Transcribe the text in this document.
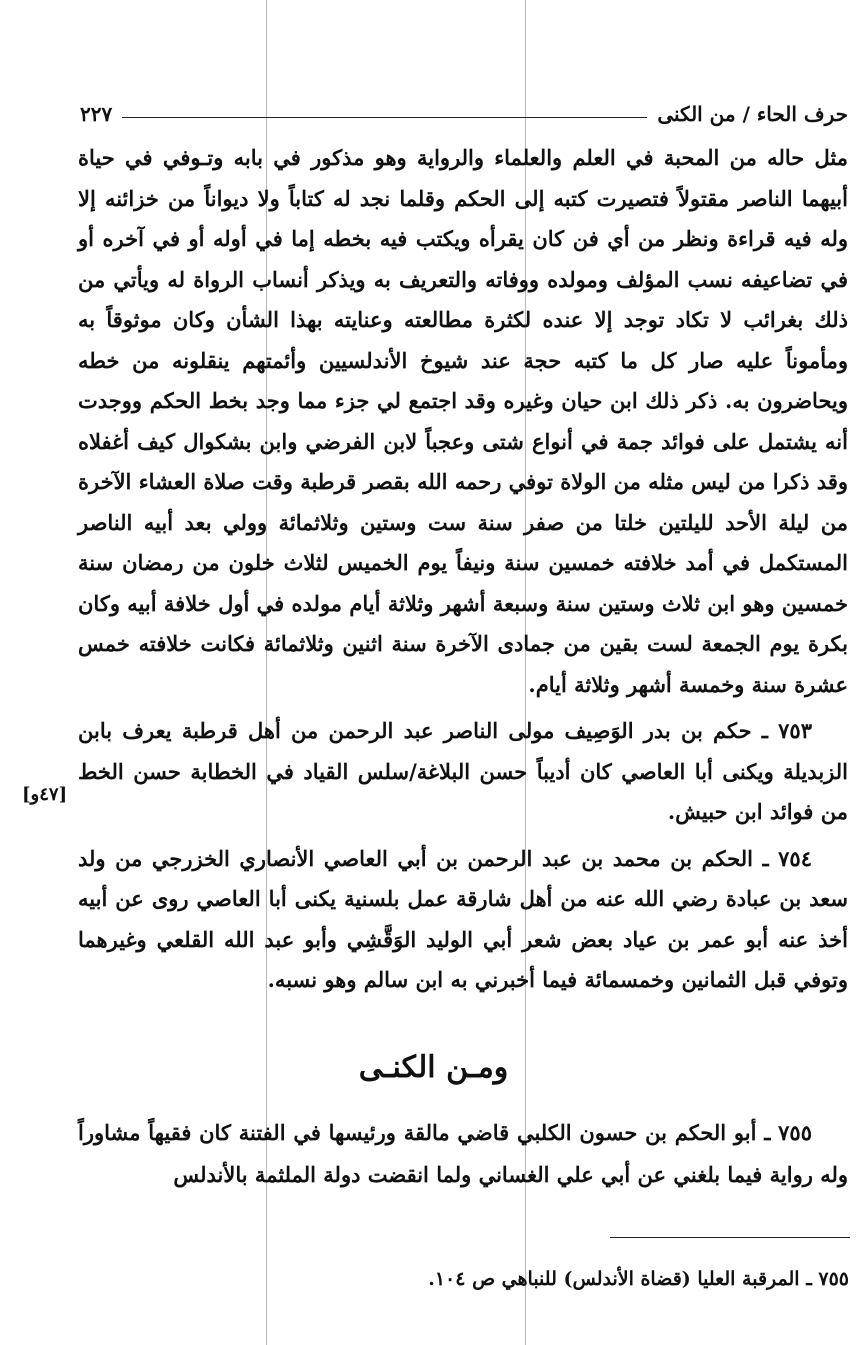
حرف الحاء / من الكنى
٢٢٧

مثل حاله من المحبة في العلم والعلماء والرواية وهو مذكور في بابه وتـوفي في حياة أبيهما الناصر مقتولاً فتصيرت كتبه إلى الحكم وقلما نجد له كتاباً ولا ديواناً من خزائنه إلا وله فيه قراءة ونظر من أي فن كان يقرأه ويكتب فيه بخطه إما في أوله أو في آخره أو في تضاعيفه نسب المؤلف ومولده ووفاته والتعريف به ويذكر أنساب الرواة له ويأتي من ذلك بغرائب لا تكاد توجد إلا عنده لكثرة مطالعته وعنايته بهذا الشأن وكان موثوقاً به ومأموناً عليه صار كل ما كتبه حجة عند شيوخ الأندلسيين وأئمتهم ينقلونه من خطه ويحاضرون به. ذكر ذلك ابن حيان وغيره وقد اجتمع لي جزء مما وجد بخط الحكم ووجدت أنه يشتمل على فوائد جمة في أنواع شتى وعجباً لابن الفرضي وابن بشكوال كيف أغفلاه وقد ذكرا من ليس مثله من الولاة توفي رحمه الله بقصر قرطبة وقت صلاة العشاء الآخرة من ليلة الأحد لليلتين خلتا من صفر سنة ست وستين وثلاثمائة وولي بعد أبيه الناصر المستكمل في أمد خلافته خمسين سنة ونيفاً يوم الخميس لثلاث خلون من رمضان سنة خمسين وهو ابن ثلاث وستين سنة وسبعة أشهر وثلاثة أيام مولده في أول خلافة أبيه وكان بكرة يوم الجمعة لست بقين من جمادى الآخرة سنة اثنين وثلاثمائة فكانت خلافته خمس عشرة سنة وخمسة أشهر وثلاثة أيام.

٧٥٣ ـ حكم بن بدر الوَصِيف مولى الناصر عبد الرحمن من أهل قرطبة يعرف بابن الزبديلة ويكنى أبا العاصي كان أديباً حسن البلاغة/سلس القياد في الخطابة حسن الخط من فوائد ابن حبيش.

٧٥٤ ـ الحكم بن محمد بن عبد الرحمن بن أبي العاصي الأنصاري الخزرجي من ولد سعد بن عبادة رضي الله عنه من أهل شارقة عمل بلسنية يكنى أبا العاصي روى عن أبيه أخذ عنه أبو عمر بن عياد بعض شعر أبي الوليد الوَقَّشِي وأبو عبد الله القلعي وغيرهما وتوفي قبل الثمانين وخمسمائة فيما أخبرني به ابن سالم وهو نسبه.

[٤٧و]
ومـن الكنـى

٧٥٥ ـ أبو الحكم بن حسون الكلبي قاضي مالقة ورئيسها في الفتنة كان فقيهاً مشاوراً وله رواية فيما بلغني عن أبي علي الغساني ولما انقضت دولة الملثمة بالأندلس

٧٥٥ ـ المرقبة العليا (قضاة الأندلس) للنباهي ص ١٠٤.
